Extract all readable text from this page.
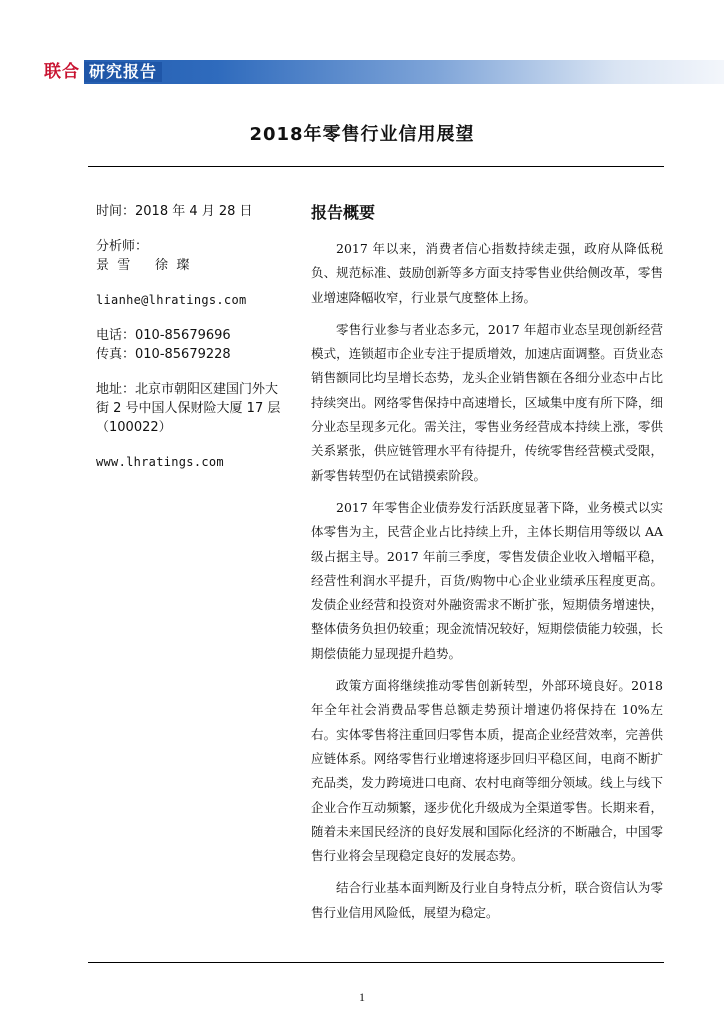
联合 研究报告
2018年零售行业信用展望
时间：2018 年 4 月 28 日
分析师：
景  雪      徐  璨
lianhe@lhratings.com
电话：010-85679696
传真：010-85679228
地址：北京市朝阳区建国门外大街 2 号中国人保财险大厦 17 层（100022）
www.lhratings.com
报告概要

2017 年以来，消费者信心指数持续走强，政府从降低税负、规范标准、鼓励创新等多方面支持零售业供给侧改革，零售业增速降幅收窄，行业景气度整体上扬。

零售行业参与者业态多元，2017 年超市业态呈现创新经营模式，连锁超市企业专注于提质增效，加速店面调整。百货业态销售额同比均呈增长态势，龙头企业销售额在各细分业态中占比持续突出。网络零售保持中高速增长，区域集中度有所下降，细分业态呈现多元化。需关注，零售业务经营成本持续上涨，零供关系紧张，供应链管理水平有待提升，传统零售经营模式受限，新零售转型仍在试错摸索阶段。

2017 年零售企业债券发行活跃度显著下降，业务模式以实体零售为主，民营企业占比持续上升，主体长期信用等级以 AA 级占据主导。2017 年前三季度，零售发债企业收入增幅平稳，经营性利润水平提升，百货/购物中心企业业绩承压程度更高。发债企业经营和投资对外融资需求不断扩张，短期债务增速快，整体债务负担仍较重；现金流情况较好，短期偿债能力较强，长期偿债能力显现提升趋势。

政策方面将继续推动零售创新转型，外部环境良好。2018 年全年社会消费品零售总额走势预计增速仍将保持在 10%左右。实体零售将注重回归零售本质，提高企业经营效率，完善供应链体系。网络零售行业增速将逐步回归平稳区间，电商不断扩充品类，发力跨境进口电商、农村电商等细分领域。线上与线下企业合作互动频繁，逐步优化升级成为全渠道零售。长期来看，随着未来国民经济的良好发展和国际化经济的不断融合，中国零售行业将会呈现稳定良好的发展态势。

结合行业基本面判断及行业自身特点分析，联合资信认为零售行业信用风险低，展望为稳定。

1
